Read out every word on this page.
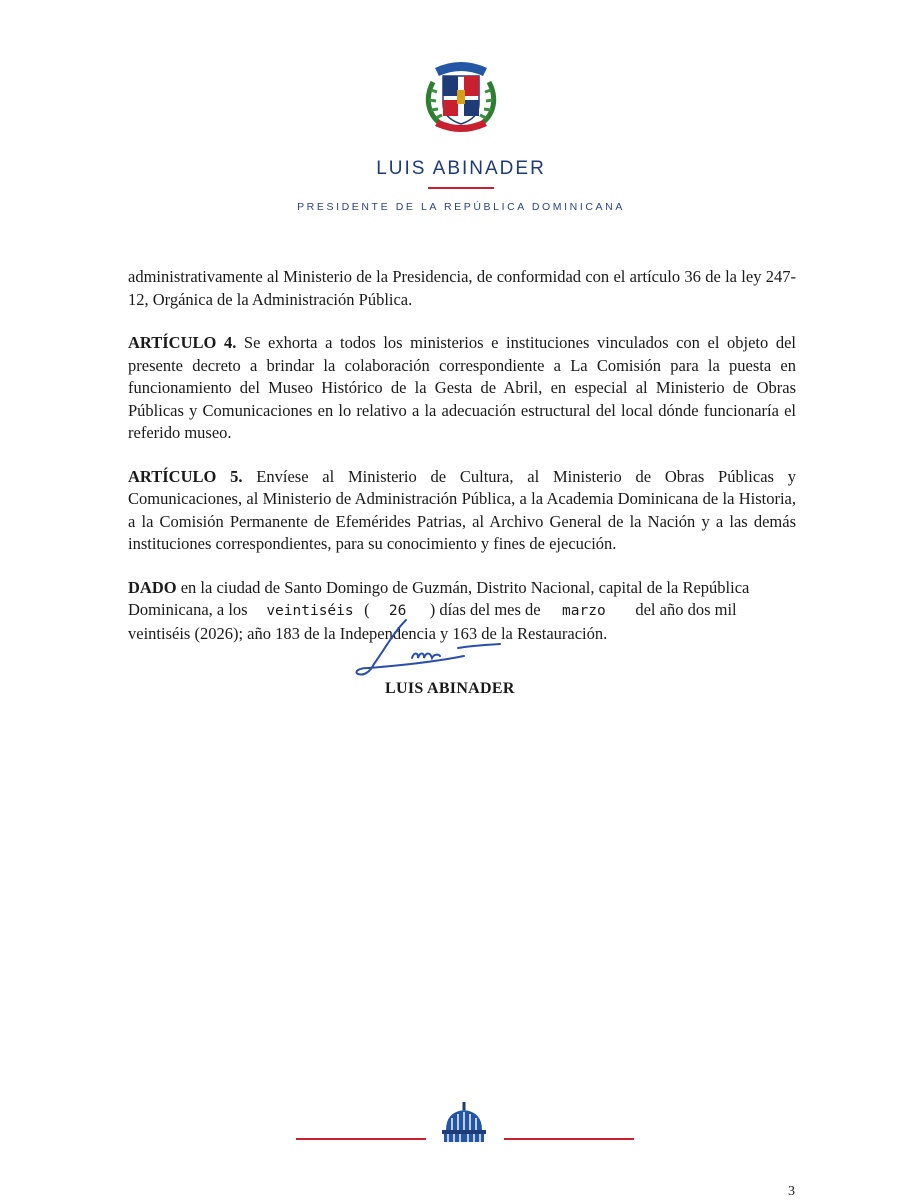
LUIS ABINADER
PRESIDENTE DE LA REPÚBLICA DOMINICANA

administrativamente al Ministerio de la Presidencia, de conformidad con el artículo 36 de la ley 247-12, Orgánica de la Administración Pública.

ARTÍCULO 4. Se exhorta a todos los ministerios e instituciones vinculados con el objeto del presente decreto a brindar la colaboración correspondiente a La Comisión para la puesta en funcionamiento del Museo Histórico de la Gesta de Abril, en especial al Ministerio de Obras Públicas y Comunicaciones en lo relativo a la adecuación estructural del local dónde funcionaría el referido museo.

ARTÍCULO 5. Envíese al Ministerio de Cultura, al Ministerio de Obras Públicas y Comunicaciones, al Ministerio de Administración Pública, a la Academia Dominicana de la Historia, a la Comisión Permanente de Efemérides Patrias, al Archivo General de la Nación y a las demás instituciones correspondientes, para su conocimiento y fines de ejecución.

DADO en la ciudad de Santo Domingo de Guzmán, Distrito Nacional, capital de la República Dominicana, a los veintiséis ( 26 ) días del mes de marzo del año dos mil veintiséis (2026); año 183 de la Independencia y 163 de la Restauración.

LUIS ABINADER
3
